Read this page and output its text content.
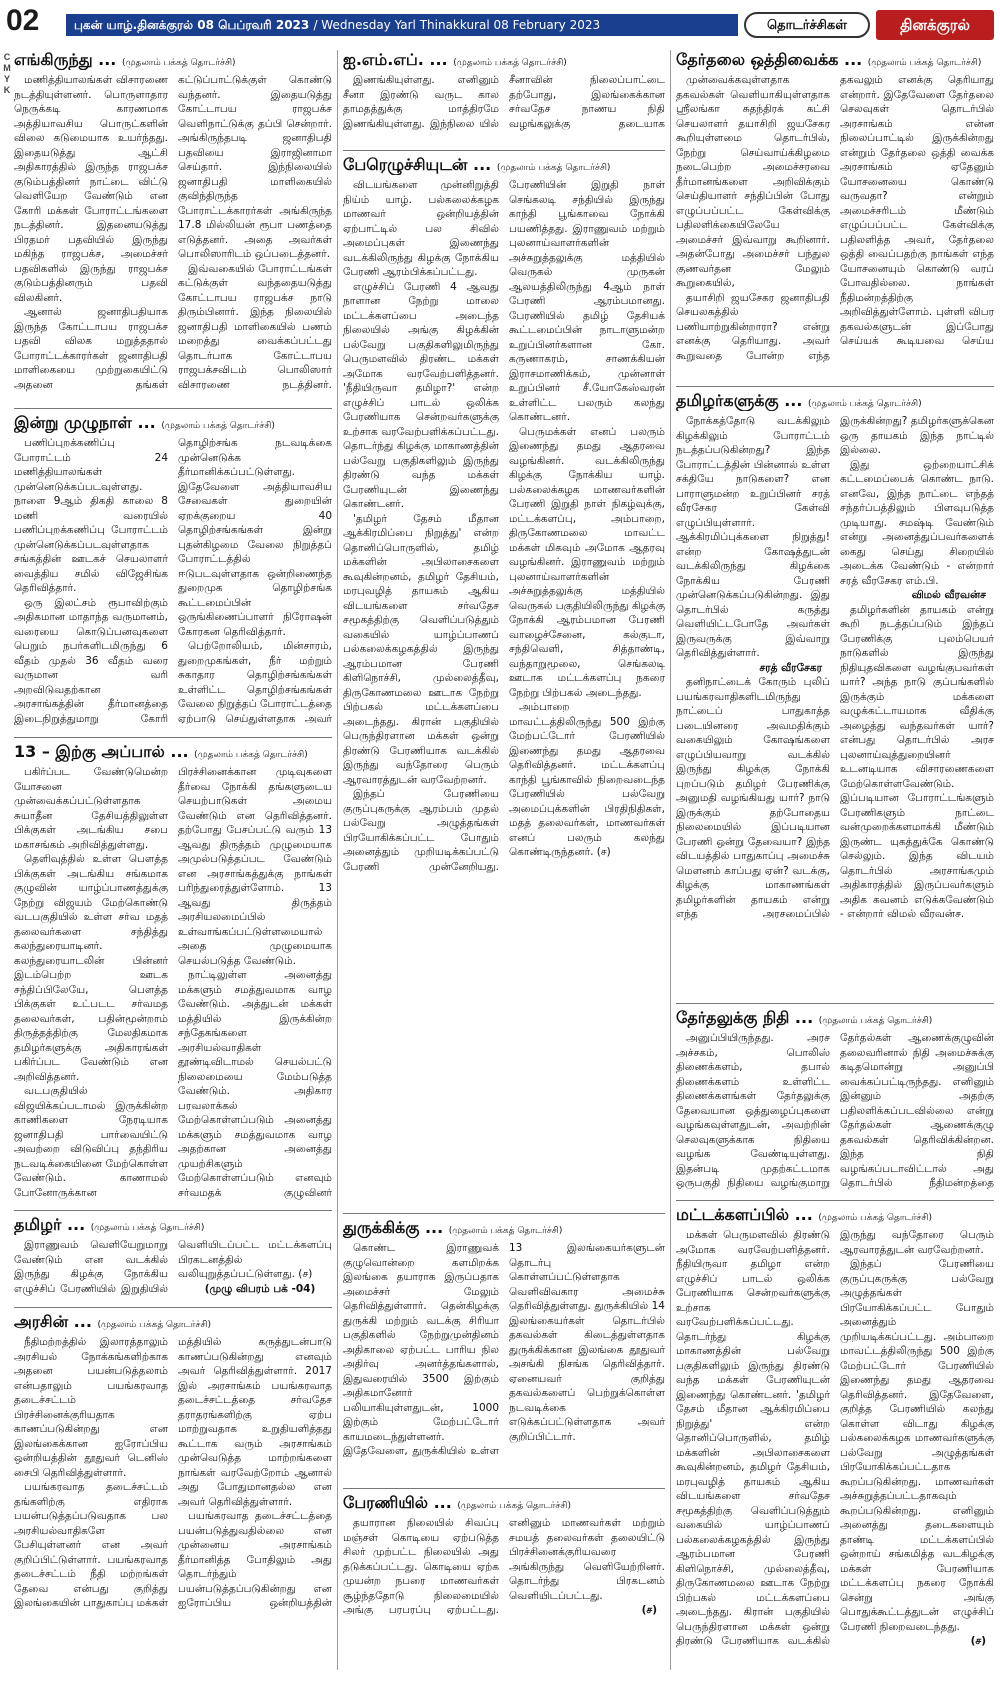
02	புகன் யாழ்.தினக்குரல் 08 பெப்ரவரி 2023 / Wednesday Yarl Thinakkural 08 February 2023	தொடர்ச்சிகள்	தினக்குரல்
C
M
Y
K
எங்கிருந்து ... (முதலாம் பக்கத் தொடர்ச்சி)

மணித்தியாலங்கள் விசாரணை நடத்தியுள்ளனர். பொருளாதார நெருக்கடி காரணமாக அத்தியாவசிய பொருட்களின் விலை கடுமையாக உயர்ந்தது. இதையடுத்து ஆட்சி அதிகாரத்தில் இருந்த ராஜபக்ச குடும்பத்தினர் நாட்டை விட்டு வெளியேற வேண்டும் என கோரி மக்கள் போராட்டங்களை நடத்தினர். இதனையடுத்து பிரதமர் பதவியில் இருந்து மகிந்த ராஜபக்ச, அமைச்சர் பதவிகளில் இருந்து ராஜபக்ச குடும்பத்தினரும் பதவி விலகினர்.

ஆனால் ஜனாதிபதியாக இருந்த கோட்டாபய ராஜபக்ச பதவி விலக மறுத்ததால் போராட்டக்காரர்கள் ஜனாதிபதி மாளிகையை முற்றுகையிட்டு அதனை தங்கள் கட்டுப்பாட்டுக்குள் கொண்டு வந்தனர். இதையடுத்து கோட்டாபய ராஜபக்ச வெளிநாட்டுக்கு தப்பி சென்றார். அங்கிருந்தபடி ஜனாதிபதி பதவியை இராஜினாமா செய்தார். இந்நிலையில் ஜனாதிபதி மாளிகையில் குவிந்திருந்த போராட்டக்காரர்கள் அங்கிருந்த 17.8 மில்லியன் ரூபா பணத்தை எடுத்தனர். அதை அவர்கள் பொலிஸாரிடம் ஒப்படைத்தனர்.

இவ்வகையில் போராட்டங்கள் கட்டுக்குள் வந்ததையடுத்து கோட்டாபய ராஜபக்ச நாடு திரும்பினார். இந்த நிலையில் ஜனாதிபதி மாளிகையில் பணம் மறைத்து வைக்கப்பட்டது தொடர்பாக கோட்டாபய ராஜபக்சவிடம் பொலிஸார் விசாரணை நடத்தினர்.

இன்று முழுநாள் ... (முதலாம் பக்கத் தொடர்ச்சி)

பணிப்புறக்கணிப்பு போராட்டம் 24 மணித்தியாலங்கள் முன்னெடுக்கப்படவுள்ளது. நாளை 9ஆம் திகதி காலை 8 மணி வரையில் பணிப்புறக்கணிப்பு போராட்டம் முன்னெடுக்கப்படவுள்ளதாக சங்கத்தின் ஊடகச் செயலாளர் வைத்திய சமில் விஜேசிங்க தெரிவித்தார்.

ஒரு இலட்சம் ரூபாவிற்கும் அதிகமான மாதாந்த வருமானம், வரையை கொடுப்பனவுகளை பெறும் நபர்களிடமிருந்து 6 வீதம் முதல் 36 வீதம் வரை வருமான வரி அறவிடுவதற்கான அரசாங்கத்தின் தீர்மானத்தை இடைநிறுத்துமாறு கோரி தொழிற்சங்க நடவடிக்கை முன்னெடுக்க தீர்மானிக்கப்பட்டுள்ளது. இதேவேளை அத்தியாவசிய சேவைகள் துறையின் ஏறக்குறைய 40 தொழிற்சங்கங்கள் இன்று புதன்கிழமை வேலை நிறுத்தப் போராட்டத்தில் ஈடுபடவுள்ளதாக ஒன்றிணைந்த துறைமுக தொழிற்சங்க கூட்டமைப்பின் ஒருங்கிணைப்பாளர் நிரோஷன் கோரகன தெரிவித்தார்.

பெற்றோலியம், மின்சாரம், துறைமுகங்கள், நீர் மற்றும் சுகாதார தொழிற்சங்கங்கள் உள்ளிட்ட தொழிற்சங்கங்கள் வேலை நிறுத்தப் போராட்டத்தை ஏற்பாடு செய்துள்ளதாக அவர்

13 – இற்கு அப்பால் ... (முதலாம் பக்கத் தொடர்ச்சி)

பகிர்ப்பட வேண்டுமென்ற யோசனை முன்வைக்கப்பட்டுள்ளதாக சுயாதீன தேசியத்திலுள்ள பிக்குகள் அடங்கிய சபை மகாசங்கம் அறிவித்துள்ளது.

தெளிவுத்தில் உள்ள பௌத்த பிக்குகள் அடங்கிய சங்கமாக குழுவின் யாழ்ப்பாணத்துக்கு நேற்று விஜயம் மேற்கொண்டு வடபகுதியில் உள்ள சர்வ மதத் தலைவர்களை சந்தித்து கலந்துரையாடினர். கலந்துரையாடலின் பின்னர் இடம்பெற்ற ஊடக சந்திப்பிலேயே, பௌத்த பிக்குகள் உட்படட சர்வமத தலைவர்கள், பதின்மூன்றாம் திருத்தத்திற்கு மேலதிகமாக தமிழர்களுக்கு அதிகாரங்கள் பகிர்ப்பட வேண்டும் என அறிவித்தனர்.

வடபகுதியில் விஜயிக்கப்படாமல் இருக்கின்ற காணிகளை நேரடியாக ஜனாதிபதி பார்வையிட்டு அவற்றை விடுவிப்பு தந்திரிய நடவடிக்கையினை மேற்கொள்ள வேண்டும். காணாமல் போனோருக்கான பிரச்சினைக்கான முடிவுகளை தீர்வை நோக்கி தங்களுடைய செயற்பாடுகள் அமைய வேண்டும் என தெரிவித்தனர். தற்போது பேசப்பட்டு வரும் 13 ஆவது திருத்தம் முழுமையாக அமுல்படுத்தப்பட வேண்டும் என அரசாங்கத்துக்கு நாங்கள் பரிந்துரைத்துள்ளோம். 13 ஆவது திருத்தம் அரசியலமைப்பில் உள்வாங்கப்பட்டுள்ளமையால் அதை முழுமையாக செயல்படுத்த வேண்டும்.

நாட்டிலுள்ள அனைத்து மக்களும் சமத்துவமாக வாழ வேண்டும். அத்துடன் மக்கள் மத்தியில் இருக்கின்ற சந்தேகங்களை அரசியல்வாதிகள் தூண்டிவிடாமல் செயல்பட்டு நிலைமையை மேம்படுத்த வேண்டும். அதிகார பரவலாக்கல் மேற்கொள்ளப்படும் அனைத்து மக்களும் சமத்துவமாக வாழ அதற்கான அனைத்து முயற்சிகளும் மேற்கொள்ளப்படும் எனவும் சர்வமதக் குழுவினர்

தமிழர் ... (முதலாம் பக்கத் தொடர்ச்சி)

இராணுவம் வெளியேறுமாறு வேண்டும் என வடக்கில் இருந்து கிழக்கு நோக்கிய எழுச்சிப் பேரணியில் இறுதியில் வெளியிடப்பட்ட மட்டக்களப்பு பிரகடனத்தில் வலியுறுத்தப்பட்டுள்ளது. (ச)

(முழு விபரம் பக் -04)

அரசின் ... (முதலாம் பக்கத் தொடர்ச்சி)

நீதிமற்றத்தில் இலாரத்தாலும் அரசியல் நோக்கங்களிற்காக அதனை பயன்படுத்தலாம் என்பதாலும் பயங்கரவாத தடைச்சட்டம் பிரச்சினைக்குரியதாக காணப்படுகின்றது என இலங்கைக்கான ஐரோப்பிய ஒன்றியத்தின் தூதுவர் டெனிஸ் சைபி தெரிவித்துள்ளார்.

பயங்கரவாத தடைச்சட்டம் தங்களிற்கு எதிராக பயன்படுத்தப்படுவதாக பல அரசியல்வாதிகளே பேசியுள்ளனர் என அவர் குறிப்பிட்டுள்ளார். பயங்கரவாத தடைச்சட்டம் நீதி மற்றங்கள் தேவை என்பது குறித்து இலங்கையின் பாதுகாப்பு மக்கள் மத்தியில் கருத்துடன்பாடு காணப்படுகின்றது எனவும் அவர் தெரிவித்துள்ளார். 2017 இல் அரசாங்கம் பயங்கரவாத தடைச்சட்டத்தை சர்வதேச தராதரங்களிற்கு ஏற்ப மாற்றுவதாக உறுதியளித்தது கூட்டாக வரும் அரசாங்கம் முன்வெடுத்த மாற்றங்களை நாங்கள் வரவேற்றோம் ஆனால் அது போதுமானதல்ல என அவர் தெரிவித்துள்ளார்.

பயங்கரவாத தடைச்சட்டத்தை பயன்படுத்துவதில்லை என முன்னைய அரசாங்கம் தீர்மானித்த போதிலும் அது தொடர்ந்தும் பயன்படுத்தப்படுகின்றது என ஐரோப்பிய ஒன்றியத்தின்

ஐ.எம்.எப். ... (முதலாம் பக்கத் தொடர்ச்சி)

இணங்கியுள்ளது. எனினும் சீனா இரண்டு வருட கால தாமதத்துக்கு மாத்திரமே இணங்கியுள்ளது. இந்நிலை யில் சீனாவின் நிலைப்பாட்டை தற்போது, இலங்கைக்கான சர்வதேச நாணய நிதி வழங்கலுக்கு தடையாக

பேரெழுச்சியுடன் ... (முதலாம் பக்கத் தொடர்ச்சி)

விடயங்களை முன்னிறுத்தி நிய்ம் யாழ். பல்கலைக்கழக மாணவர் ஒன்றியத்தின் ஏற்பாட்டில் பல சிவில் அமைப்புகள் இணைந்து வடக்கிலிருந்து கிழக்கு நோக்கிய பேரணி ஆரம்பிக்கப்பட்டது.

எழுச்சிப் பேரணி 4 ஆவது நாளான நேற்று மாலை மட்டக்களப்பை அடைந்த நிலையில் அங்கு கிழக்கின் பல்வேறு பகுதிகளிலுமிருந்து பெருமளவில் திரண்ட மக்கள் அமோக வரவேற்பளித்தனர். 'நீதியிருவா தமிழா?' என்ற எழுச்சிப் பாடல் ஒலிக்க பேரணியாக சென்றவர்களுக்கு உற்சாக வரவேற்பளிக்கப்பட்டது. தொடர்ந்து கிழக்கு மாகாணத்தின் பல்வேறு பகுதிகளிலும் இருந்து திரண்டு வந்த மக்கள் பேரணியுடன் இணைந்து கொண்டனர்.

'தமிழர் தேசம் மீதான ஆக்கிரமிப்பை நிறுத்து' என்ற தொனிப்பொருளில், தமிழ் மக்களின் அபிலாசைகளை கூவுகின்றனம், தமிழர் தேசியம், மரபுவழித் தாயகம் ஆகிய விடயங்களை சர்வதேச சமூகத்திற்கு வெளிப்படுத்தும் வகையில் யாழ்ப்பாணப் பல்கலைக்கழகத்தில் இருந்து ஆரம்பமான பேரணி கிளிநொச்சி, முல்லைத்தீவு, திருகோணமலை ஊடாக நேற்று பிற்பகல் மட்டக்களப்பை அடைந்தது. கிரான் பகுதியில் பெருந்திரளான மக்கள் ஒன்று திரண்டு பேரணியாக வடக்கில் இருந்து வந்தோரை பெரும் ஆரவாரத்துடன் வரவேற்றனர்.

இந்தப் பேரணியை குருப்புகருக்கு ஆரம்பம் முதல் பல்வேறு அழுத்தங்கள் பிரயோகிக்கப்பட்ட போதும் அனைத்தும் முறியடிக்கப்பட்டு பேரணி முன்னேறியது. பேரணியின் இறுதி நாள் செங்கலடி சந்தியில் இருந்து காந்தி பூங்காவை நோக்கி பயணித்தது. இராணுவம் மற்றும் புலனாய்வாளர்களின் அச்சுறுத்தலுக்கு மத்தியில் வெருகல் முருகன் ஆலயத்திலிருந்து 4ஆம் நாள் பேரணி ஆரம்பமானது. பேரணியில் தமிழ் தேசியக் கூட்டமைப்பின் நாடாளுமன்ற உறுப்பினர்களான கோ. கருணாகரம், சாணக்கியன் இராசமாணிக்கம், முன்னாள் உறுப்பினர் சீ.யோகேஸ்வரன் உள்ளிட்ட பலரும் கலந்து கொண்டனர்.

பெருமக்கள் எனப் பலரும் இணைந்து தமது ஆதரவை வழங்கினர். வடக்கிலிருந்து கிழக்கு நோக்கிய யாழ். பல்கலைக்கழக மாணவர்களின் பேரணி இறுதி நாள் நிகழ்வுக்கு, மட்டக்களப்பு, அம்பாறை, திருகோணமலை மாவட்ட மக்கள் மிகவும் அமோக ஆதரவு வழங்கினர். இராணுவம் மற்றும் புலனாய்வாளர்களின் அச்சுறுத்தலுக்கு மத்தியில் வெருகல் பகுதியிலிருந்து கிழக்கு நோக்கி ஆரம்பமான பேரணி வாழைச்சேனை, கல்குடா, சந்திவெளி, சித்தாண்டி, வந்தாறுமூலை, செங்கலடி ஊடாக மட்டக்களப்பு நகரை நேற்று பிற்பகல் அடைந்தது.

அம்பாறை மாவட்டத்திலிருந்து 500 இற்கு மேற்பட்டோர் பேரணியில் இணைந்து தமது ஆதரவை தெரிவித்தனர். மட்டக்களப்பு காந்தி பூங்காவில் நிறைவடைந்த பேரணியில் பல்வேறு அமைப்புக்களின் பிரதிநிதிகள், மதத் தலைவர்கள், மாணவர்கள் எனப் பலரும் கலந்து கொண்டிருந்தனர். (ச)

துருக்கிக்கு ... (முதலாம் பக்கத் தொடர்ச்சி)

கொண்ட இராணுவக் குழுவொன்றை களமிறக்க இலங்கை தயாராக இருப்பதாக அமைச்சர் மேலும் தெரிவித்துள்ளார். தென்கிழக்கு துருக்கி மற்றும் வடக்கு சிரியா பகுதிகளில் நேற்றுமுன்தினம் அதிகாலை ஏற்பட்ட பாரிய நில அதிர்வு அனர்த்தங்களால், இதுவரையில் 3500 இற்கும் அதிகமானோர் பலியாகியுள்ளதுடன், 1000 இற்கும் மேற்பட்டோர் காயமடைந்துள்ளனர். இதேவேளை, துருக்கியில் உள்ள 13 இலங்கையர்களுடன் தொடர்பு கொள்ளப்பட்டுள்ளதாக வெளிவிவகார அமைச்சு தெரிவித்துள்ளது. துருக்கியில் 14 இலங்கையர்கள் தொடர்பில் தகவல்கள் கிடைத்துள்ளதாக துருக்கிக்கான இலங்கை தூதுவர் அசங்கி நிசங்க தெரிவித்தார். ஏனையவர் குறித்து தகவல்களைப் பெற்றுக்கொள்ள நடவடிக்கை எடுக்கப்பட்டுள்ளதாக அவர் குறிப்பிட்டார்.

பேரணியில் ... (முதலாம் பக்கத் தொடர்ச்சி)

தயாரான நிலையில் சிவப்பு மஞ்சள் கொடியை ஏற்படுத்த சிலர் முற்பட்ட நிலையில் அது தடுக்கப்பட்டது. கொடியை ஏற்க முயன்ற நபரை மாணவர்கள் சூழ்ந்ததோடு நிலைமையில் அங்கு பரபரப்பு ஏற்பட்டது. எனினும் மாணவர்கள் மற்றும் சமயத் தலைவர்கள் தலையிட்டு பிரச்சினைக்குரியவரை அங்கிருந்து வெளியேற்றினர். தொடர்ந்து பிரகடனம் வெளியிடப்பட்டது.

(ச)

தேர்தலை ஒத்திவைக்க ... (முதலாம் பக்கத் தொடர்ச்சி)

முன்வைக்கவுள்ளதாக தகவல்கள் வெளியாகியுள்ளதாக ஸ்ரீலங்கா சுதந்திரக் கட்சி செயலாளர் தயாசிறி ஜயசேகர கூறியுள்ளமை தொடர்பில், நேற்று செய்வாய்க்கிழமை நடைபெற்ற அமைச்சரவை தீர்மானங்களை அறிவிக்கும் செய்தியாளர் சந்திப்பின் போது எழுப்பப்பட்ட கேள்விக்கு பதிலளிக்கையிலேயே அமைச்சர் இவ்வாறு கூறினார். அதன்போது அமைச்சர் பந்துல குணவர்தன மேலும் கூறுகையில்,

தயாசிறி ஜயசேகர ஜனாதிபதி செயலகத்தில் பணியாற்றுகின்றாரா? என்று எனக்கு தெரியாது. அவர் கூறுவதை போன்ற எந்த தகவலும் எனக்கு தெரியாது என்றார். இதேவேளை தேர்தலை செலவுகள் தொடர்பில் அரசாங்கம் என்ன நிலைப்பாட்டில் இருக்கின்றது என்றும் தேர்தலை ஒத்தி வைக்க அரசாங்கம் ஏதேனும் யோசனையை கொண்டு வருவதா? என்றும் அமைச்சரிடம் மீண்டும் எழுப்பப்பட்ட கேள்விக்கு பதிலளித்த அவர், தேர்தலை ஒத்தி வைப்பதற்கு நாங்கள் எந்த யோசனையும் கொண்டு வரப் போவதில்லை. நாங்கள் நீதிமன்றத்திற்கு அறிவித்துள்ளோம். புள்ளி விபர தகவல்களுடன் இப்போது செய்யக் கூடியவை செய்ய

தமிழர்களுக்கு ... (முதலாம் பக்கத் தொடர்ச்சி)

நோக்கத்தோடு வடக்கிலும் கிழக்கிலும் போராட்டம் நடத்தப்படுகின்றது? இந்த போராட்டத்தின் பின்னால் உள்ள சக்தியே நாடுகளை? என பாராளுமன்ற உறுப்பினர் சரத் வீரசேகர கேள்வி எழுப்பியுள்ளார். ஆக்கிரமிப்புக்களை நிறுத்து! என்ற கோஷத்துடன் வடக்கிலிருந்து கிழக்கை நோக்கிய பேரணி முன்னெடுக்கப்படுகின்றது. இது தொடர்பில் கருத்து வெளியிட்டபோதே அவர்கள் இருவருக்கு இவ்வாறு தெரிவித்துள்ளார்.

சரத் வீரசேகர

தனிநாட்டைக் கோரும் புலிப் பயங்கரவாதிகளிடமிருந்து நாட்டைப் பாதுகாத்த படையினரை அவமதிக்கும் வகையிலும் கோஷங்களை எழுப்பியவாறு வடக்கில் இருந்து கிழக்கு நோக்கி புறப்படும் தமிழர் பேரணிக்கு அனுமதி வழங்கியது யார்? நாடு இருக்கும் தற்போதைய நிலைமையில் இப்படியான பேரணி ஒன்று தேவையா? இந்த விடயத்தில் பாதுகாப்பு அமைச்சு மௌனம் காப்பது ஏன்? வடக்கு, கிழக்கு மாகாணங்கள் தமிழர்களின் தாயகம் என்று எந்த அரசமைப்பில் இருக்கின்றது? தமிழர்களுக்கென ஒரு தாயகம் இந்த நாட்டில் இல்லை.

இது ஒற்றையாட்சிக் கட்டமைப்பைக் கொண்ட நாடு. எனவே, இந்த நாட்டை எந்தத் சந்தர்ப்பத்திலும் பிளவுபடுத்த முடியாது. சமஷ்டி வேண்டும் என்று அனைத்துப்பவர்களைக் கைது செய்து சிறையில் அடைக்க வேண்டும் - என்றார் சரத் வீரசேகர எம்.பி.

விமல் வீரவன்ச

தமிழர்களின் தாயகம் என்று கூறி நடத்தப்படும் இந்தப் பேரணிக்கு புலம்பெயர் நாடுகளில் இருந்து நிதியுதவிகளை வழங்குபவர்கள் யார்? அந்த நாடு குப்பங்களில் இருக்கும் மக்களை வழுக்கட்டாயமாக வீதிக்கு அழைத்து வந்தவர்கள் யார்? என்பது தொடர்பில் அரச புலனாய்வுத்துறையினர் உடனடியாக விசாரணைகளை மேற்கொள்ளவேண்டும். இப்படியான போராட்டங்களும் பேரணிகளும் நாட்டை வன்முறைக்களமாக்கி மீண்டும் இருண்ட யுகத்துக்கே கொண்டு செல்லும். இந்த விடயம் தொடர்பில் அரசாங்கமும் அதிகாரத்தில் இருப்பவர்களும் அதிக கவனம் எடுக்கவேண்டும் - என்றார் விமல் வீரவன்ச.

தேர்தலுக்கு நிதி ... (முதலாம் பக்கத் தொடர்ச்சி)

அனுப்பியிருந்தது. அரச அச்சகம், பொலிஸ் திணைக்களம், தபால் திணைக்களம் உள்ளிட்ட திணைக்களங்கள் தேர்தலுக்கு தேவையான ஒத்துழைப்புகளை வழங்கவுள்ளதுடன், அவற்றின் செலவுகளுக்காக நிதியை வழங்க வேண்டியுள்ளது. இதன்படி முதற்கட்டமாக ஒருபகுதி நிதியை வழங்குமாறு தேர்தல்கள் ஆணைக்குழுவின் தலைவரினால் நிதி அமைச்சுக்கு கடிதமொன்று அனுப்பி வைக்கப்பட்டிருந்தது. எனினும் இன்னும் அதற்கு பதிலளிக்கப்படவில்லை என்று தேர்தல்கள் ஆணைக்குழு தகவல்கள் தெரிவிக்கின்றன. இந்த நிதி வழங்கப்படாவிட்டால் அது தொடர்பில் நீதிமன்றத்தை

மட்டக்களப்பில் ... (முதலாம் பக்கத் தொடர்ச்சி)

மக்கள் பெருமளவில் திரண்டு அமோக வரவேற்பளித்தனர். நீதியிருவா தமிழா என்ற எழுச்சிப் பாடல் ஒலிக்க பேரணியாக சென்றவர்களுக்கு உற்சாக வரவேற்பளிக்கப்பட்டது. தொடர்ந்து கிழக்கு மாகாணத்தின் பல்வேறு பகுதிகளிலும் இருந்து திரண்டு வந்த மக்கள் பேரணியுடன் இணைந்து கொண்டனர். 'தமிழர் தேசம் மீதான ஆக்கிரமிப்பை நிறுத்து' என்ற தொனிப்பொருளில், தமிழ் மக்களின் அபிலாசைகளை கூவுகின்றனம், தமிழர் தேசியம், மரபுவழித் தாயகம் ஆகிய விடயங்களை சர்வதேச சமூகத்திற்கு வெளிப்படுத்தும் வகையில் யாழ்ப்பாணப் பல்கலைக்கழகத்தில் இருந்து ஆரம்பமான பேரணி கிளிநொச்சி, முல்லைத்தீவு, திருகோணமலை ஊடாக நேற்று பிற்பகல் மட்டக்களப்பை அடைந்தது. கிரான் பகுதியில் பெருந்திரளான மக்கள் ஒன்று திரண்டு பேரணியாக வடக்கில் இருந்து வந்தோரை பெரும் ஆரவாரத்துடன் வரவேற்றனர்.

இந்தப் பேரணியை குருப்புகருக்கு பல்வேறு அழுத்தங்கள் பிரயோகிக்கப்பட்ட போதும் அனைத்தும் முறியடிக்கப்பட்டது. அம்பாறை மாவட்டத்திலிருந்து 500 இற்கு மேற்பட்டோர் பேரணியில் இணைந்து தமது ஆதரவை தெரிவித்தனர். இதேவேளை, குறித்த பேரணியில் கலந்து கொள்ள விடாது கிழக்கு பல்கலைக்கழக மாணவர்களுக்கு பல்வேறு அழுத்தங்கள் பிரயோகிக்கப்பட்டதாக கூறப்படுகின்றது. மாணவர்கள் அச்சுறுத்தப்பட்டதாகவும் கூறப்படுகின்றது. எனினும் அனைத்து தடைகளையும் தாண்டி மட்டக்களப்பில் ஒன்றாய் சங்கமித்த வடகிழக்கு மக்கள் பேரணியாக மட்டக்களப்பு நகரை நோக்கி சென்று அங்கு பொதுக்கூட்டத்துடன் எழுச்சிப் பேரணி நிறைவடைந்தது.

(ச)
